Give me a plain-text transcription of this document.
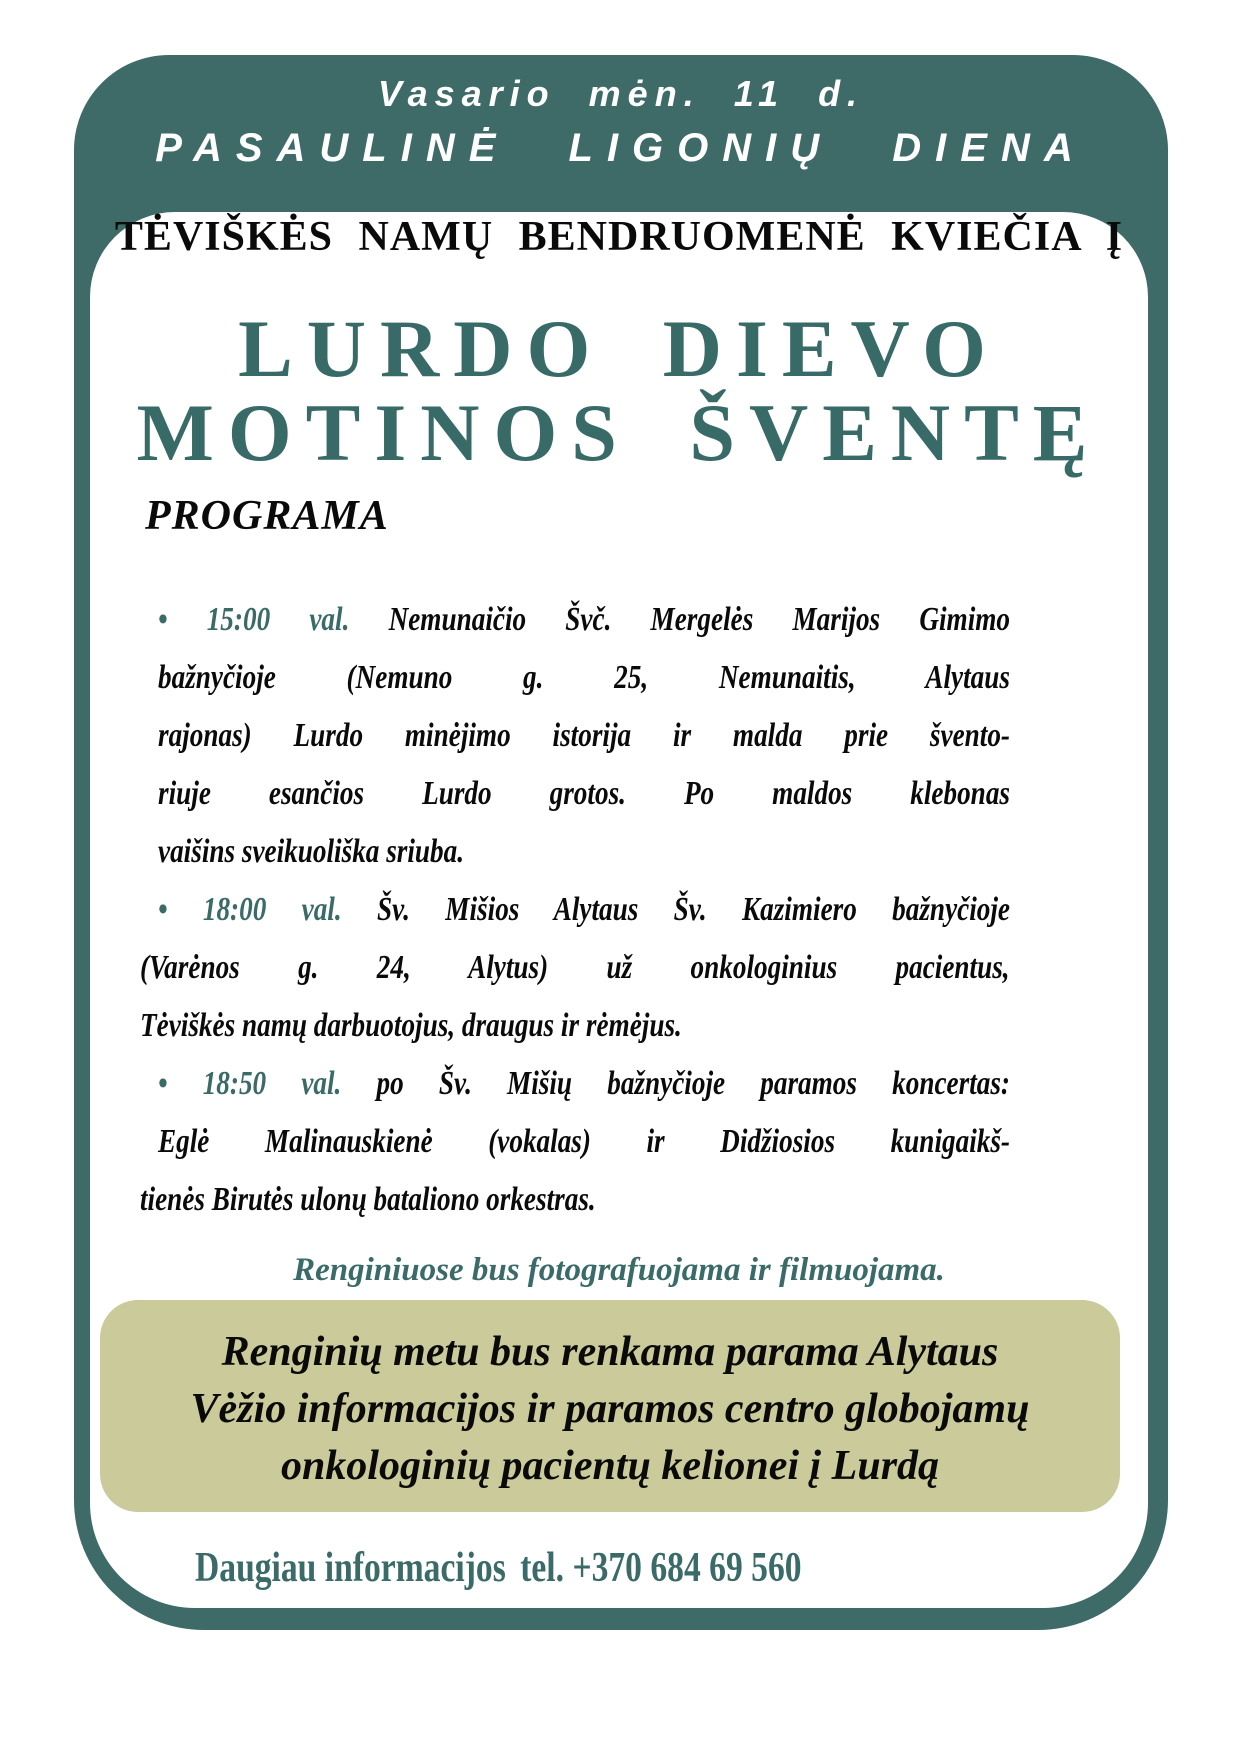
Vasario mėn. 11 d.
PASAULINĖ LIGONIŲ DIENA
TĖVIŠKĖS NAMŲ BENDRUOMENĖ KVIEČIA Į
LURDO DIEVO
MOTINOS ŠVENTĘ
PROGRAMA
• 15:00 val. Nemunaičio Švč. Mergelės Marijos Gimimo
bažnyčioje (Nemuno g. 25, Nemunaitis, Alytaus
rajonas) Lurdo minėjimo istorija ir malda prie švento-
riuje esančios Lurdo grotos. Po maldos klebonas
vaišins sveikuoliška sriuba.
• 18:00 val. Šv. Mišios Alytaus Šv. Kazimiero bažnyčioje
(Varėnos g. 24, Alytus) už onkologinius pacientus,
Tėviškės namų darbuotojus, draugus ir rėmėjus.
• 18:50 val. po Šv. Mišių bažnyčioje paramos koncertas:
Eglė Malinauskienė (vokalas) ir Didžiosios kunigaikš-
tienės Birutės ulonų bataliono orkestras.
Renginiuose bus fotografuojama ir filmuojama.
Renginių metu bus renkama parama Alytaus
Vėžio informacijos ir paramos centro globojamų
onkologinių pacientų kelionei į Lurdą
Daugiau informacijos tel. +370 684 69 560
